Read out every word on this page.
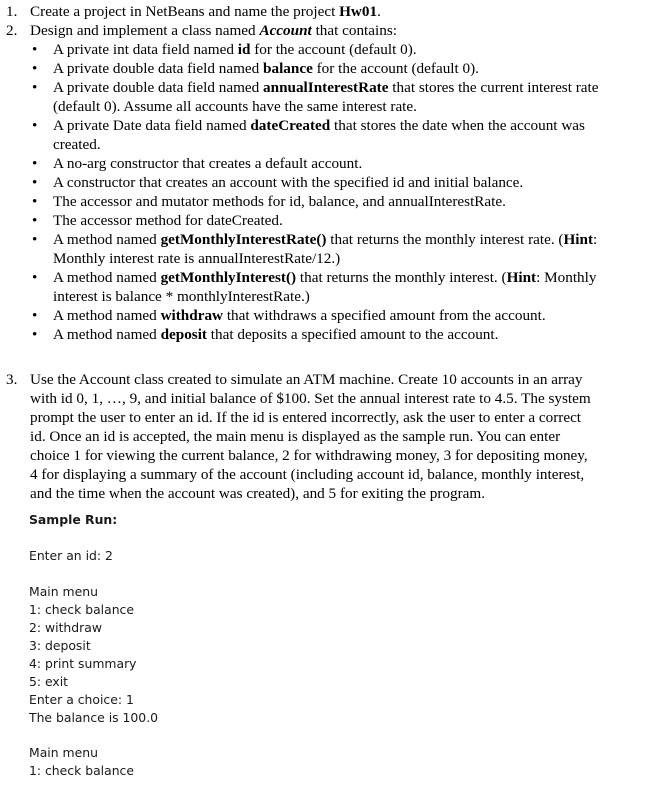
1. Create a project in NetBeans and name the project Hw01.
2. Design and implement a class named Account that contains:
• A private int data field named id for the account (default 0).
• A private double data field named balance for the account (default 0).
• A private double data field named annualInterestRate that stores the current interest rate (default 0). Assume all accounts have the same interest rate.
• A private Date data field named dateCreated that stores the date when the account was created.
• A no-arg constructor that creates a default account.
• A constructor that creates an account with the specified id and initial balance.
• The accessor and mutator methods for id, balance, and annualInterestRate.
• The accessor method for dateCreated.
• A method named getMonthlyInterestRate() that returns the monthly interest rate. (Hint: Monthly interest rate is annualInterestRate/12.)
• A method named getMonthlyInterest() that returns the monthly interest. (Hint: Monthly interest is balance * monthlyInterestRate.)
• A method named withdraw that withdraws a specified amount from the account.
• A method named deposit that deposits a specified amount to the account.
3. Use the Account class created to simulate an ATM machine. Create 10 accounts in an array
with id 0, 1, …, 9, and initial balance of $100. Set the annual interest rate to 4.5. The system
prompt the user to enter an id. If the id is entered incorrectly, ask the user to enter a correct
id. Once an id is accepted, the main menu is displayed as the sample run. You can enter
choice 1 for viewing the current balance, 2 for withdrawing money, 3 for depositing money,
4 for displaying a summary of the account (including account id, balance, monthly interest,
and the time when the account was created), and 5 for exiting the program.
Sample Run:
Enter an id: 2
Main menu
1: check balance
2: withdraw
3: deposit
4: print summary
5: exit
Enter a choice: 1
The balance is 100.0
Main menu
1: check balance
